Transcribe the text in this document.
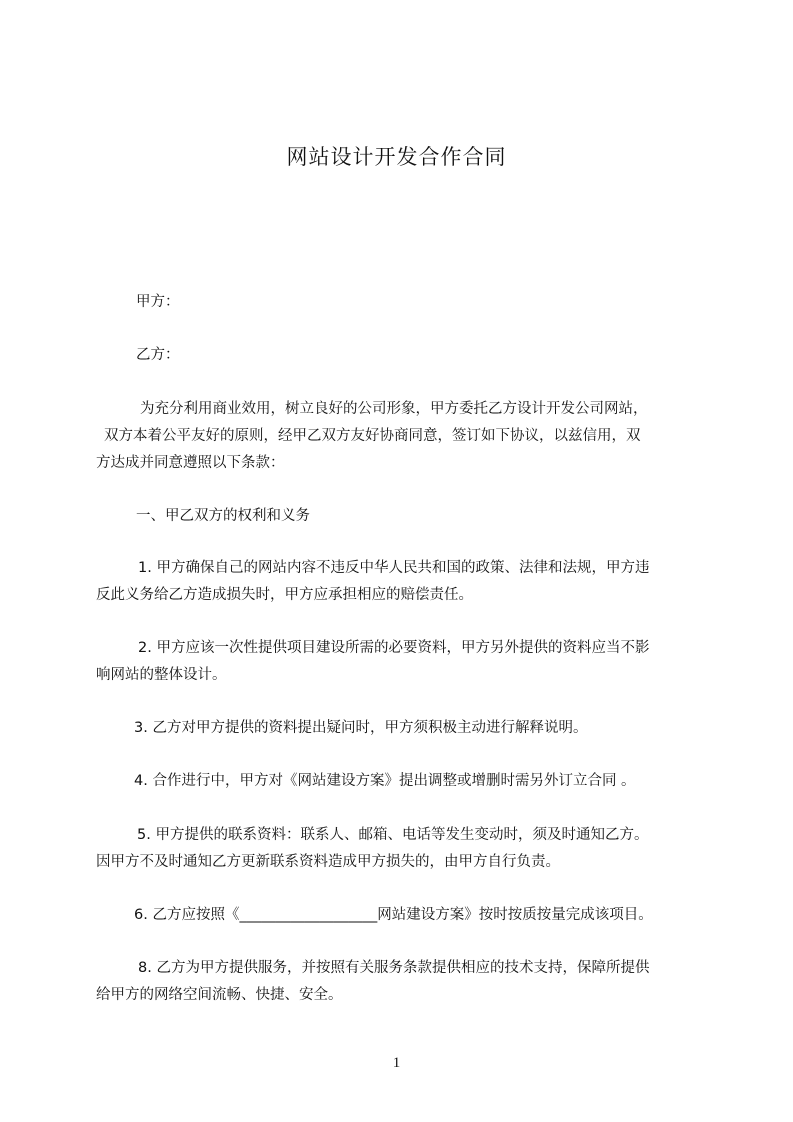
网站设计开发合作合同
甲方：
乙方：
为充分利用商业效用，树立良好的公司形象，甲方委托乙方设计开发公司网站，
双方本着公平友好的原则，经甲乙双方友好协商同意，签订如下协议，以兹信用，双
方达成并同意遵照以下条款：
一、甲乙双方的权利和义务
1. 甲方确保自己的网站内容不违反中华人民共和国的政策、法律和法规，甲方违
反此义务给乙方造成损失时，甲方应承担相应的赔偿责任。
2. 甲方应该一次性提供项目建设所需的必要资料，甲方另外提供的资料应当不影
响网站的整体设计。
3. 乙方对甲方提供的资料提出疑问时，甲方须积极主动进行解释说明。
4. 合作进行中，甲方对《网站建设方案》提出调整或增删时需另外订立合同 。
5. 甲方提供的联系资料：联系人、邮箱、电话等发生变动时，须及时通知乙方。
因甲方不及时通知乙方更新联系资料造成甲方损失的，由甲方自行负责。
6. 乙方应按照《___________________网站建设方案》按时按质按量完成该项目。
8. 乙方为甲方提供服务，并按照有关服务条款提供相应的技术支持，保障所提供
给甲方的网络空间流畅、快捷、安全。
1
